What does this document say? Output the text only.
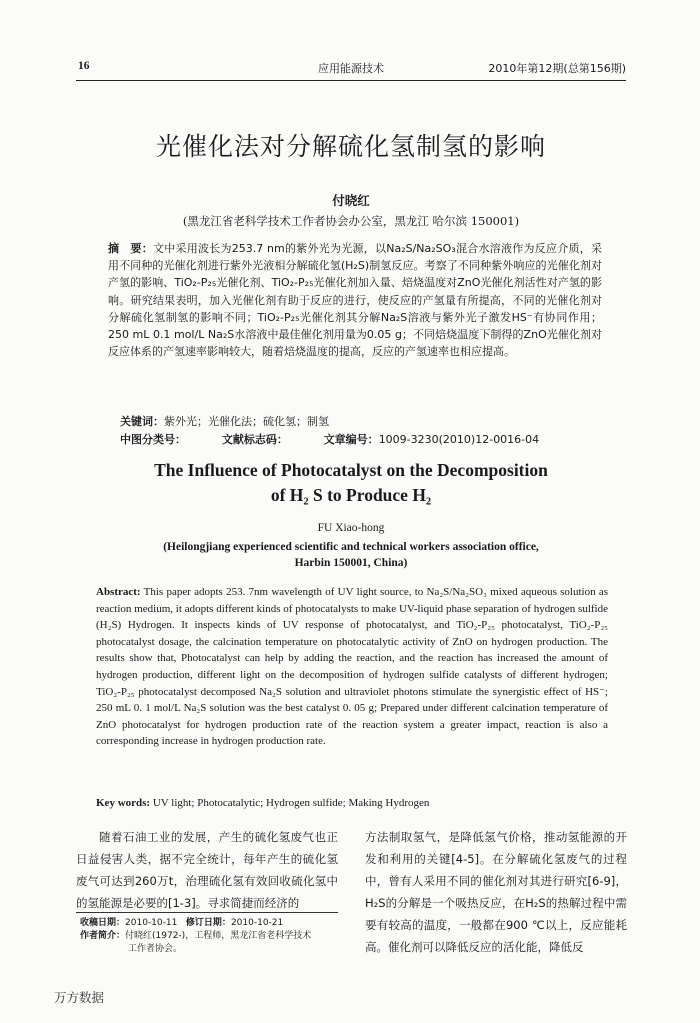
16	应用能源技术	2010年第12期(总第156期)
光催化法对分解硫化氢制氢的影响
付晓红
(黑龙江省老科学技术工作者协会办公室，黑龙江 哈尔滨 150001)
摘　要：文中采用波长为253.7 nm的紫外光为光源，以Na₂S/Na₂SO₃混合水溶液作为反应介质，采用不同种的光催化剂进行紫外光液相分解硫化氢(H₂S)制氢反应。考察了不同种紫外响应的光催化剂对产氢的影响、TiO₂-P₂₅光催化剂、TiO₂-P₂₅光催化剂加入量、焙烧温度对ZnO光催化剂活性对产氢的影响。研究结果表明，加入光催化剂有助于反应的进行，使反应的产氢量有所提高，不同的光催化剂对分解硫化氢制氢的影响不同；TiO₂-P₂₅光催化剂其分解Na₂S溶液与紫外光子激发HS⁻有协同作用；250 mL 0.1 mol/L Na₂S水溶液中最佳催化剂用量为0.05 g；不同焙烧温度下制得的ZnO光催化剂对反应体系的产氢速率影响较大，随着焙烧温度的提高，反应的产氢速率也相应提高。
关键词：紫外光；光催化法；硫化氢；制氢
中图分类号：	文献标志码：	文章编号：1009-3230(2010)12-0016-04
The Influence of Photocatalyst on the Decomposition
of H₂ S to Produce H₂
FU Xiao-hong
(Heilongjiang experienced scientific and technical workers association office,
Harbin 150001, China)
Abstract: This paper adopts 253. 7nm wavelength of UV light source, to Na₂S/Na₂SO₃ mixed aqueous solution as reaction medium, it adopts different kinds of photocatalysts to make UV-liquid phase separation of hydrogen sulfide (H₂S) Hydrogen. It inspects kinds of UV response of photocatalyst, and TiO₂-P₂₅ photocatalyst, TiO₂-P₂₅ photocatalyst dosage, the calcination temperature on photocatalytic activity of ZnO on hydrogen production. The results show that, Photocatalyst can help by adding the reaction, and the reaction has increased the amount of hydrogen production, different light on the decomposition of hydrogen sulfide catalysts of different hydrogen; TiO₂-P₂₅ photocatalyst decomposed Na₂S solution and ultraviolet photons stimulate the synergistic effect of HS⁻; 250 mL 0. 1 mol/L Na₂S solution was the best catalyst 0. 05 g; Prepared under different calcination temperature of ZnO photocatalyst for hydrogen production rate of the reaction system a greater impact, reaction is also a corresponding increase in hydrogen production rate.
Key words: UV light; Photocatalytic; Hydrogen sulfide; Making Hydrogen

随着石油工业的发展，产生的硫化氢废气也正日益侵害人类，据不完全统计，每年产生的硫化氢废气可达到260万t，治理硫化氢有效回收硫化氢中的氢能源是必要的[1-3]。寻求简捷而经济的

方法制取氢气，是降低氢气价格，推动氢能源的开发和利用的关键[4-5]。在分解硫化氢废气的过程中，曾有人采用不同的催化剂对其进行研究[6-9]，H₂S的分解是一个吸热反应，在H₂S的热解过程中需要有较高的温度，一般都在900 ℃以上，反应能耗高。催化剂可以降低反应的活化能，降低反

收稿日期：2010-10-11 修订日期：2010-10-21
作者简介：付晓红(1972-)，工程师，黑龙江省老科学技术
工作者协会。
万方数据
